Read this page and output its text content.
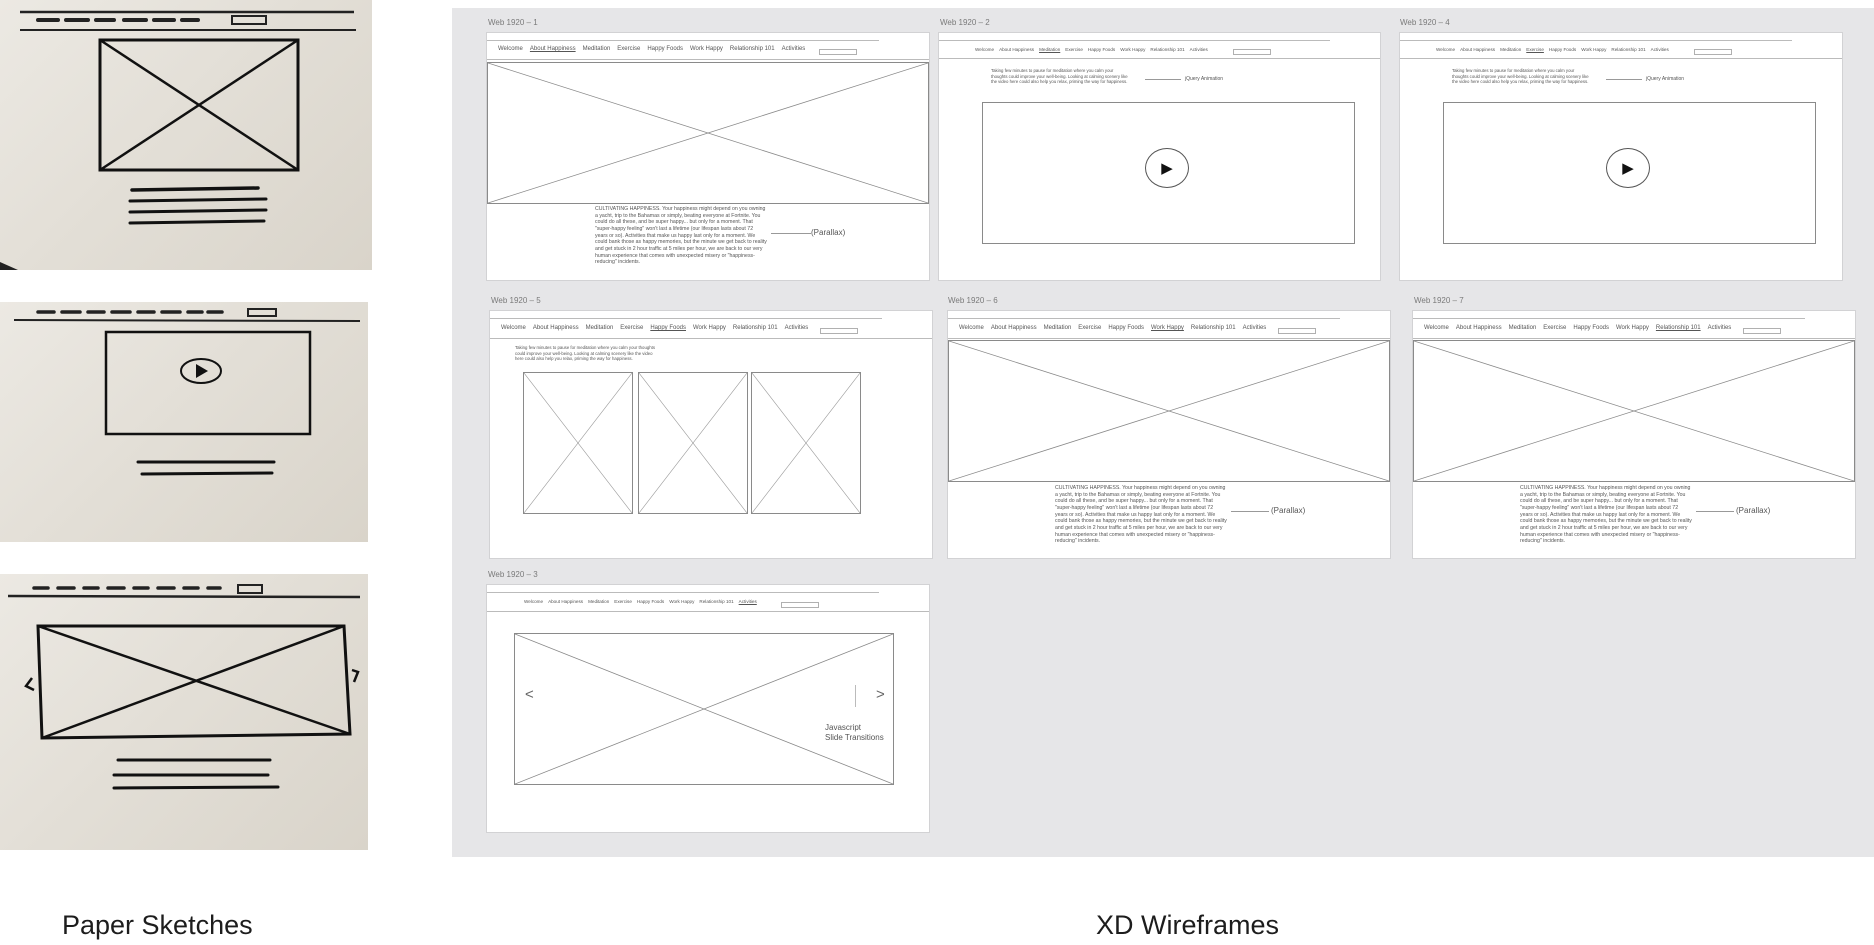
Paper Sketches	XD Wireframes
Web 1920 – 1
Welcome About Happiness Meditation Exercise Happy Foods Work Happy Relationship 101 Activities
CULTIVATING HAPPINESS. Your happiness might depend on you owning a yacht, trip to the Bahamas or simply, beating everyone at Fortnite. You could do all these, and be super happy... but only for a moment. That "super-happy feeling" won't last a lifetime (our lifespan lasts about 72 years or so). Activities that make us happy last only for a moment. We could bank those as happy memories, but the minute we get back to reality and get stuck in 2 hour traffic at 5 miles per hour, we are back to our very human experience that comes with unexpected misery or "happiness-reducing" incidents.
(Parallax)
Web 1920 – 2
Welcome About Happiness Meditation Exercise Happy Foods Work Happy Relationship 101 Activities
Taking few minutes to pause for meditation where you calm your thoughts could improve your well-being. Looking at calming scenery like the video here could also help you relax, priming the way for happiness.	jQuery Animation
▶
Web 1920 – 4
Welcome About Happiness Meditation Exercise Happy Foods Work Happy Relationship 101 Activities
Taking few minutes to pause for meditation where you calm your thoughts could improve your well-being. Looking at calming scenery like the video here could also help you relax, priming the way for happiness.	jQuery Animation
▶
Web 1920 – 5
Welcome About Happiness Meditation Exercise Happy Foods Work Happy Relationship 101 Activities
Taking few minutes to pause for meditation where you calm your thoughts could improve your well-being. Looking at calming scenery like the video here could also help you relax, priming the way for happiness.
Web 1920 – 6
Welcome About Happiness Meditation Exercise Happy Foods Work Happy Relationship 101 Activities
CULTIVATING HAPPINESS. Your happiness might depend on you owning a yacht, trip to the Bahamas or simply, beating everyone at Fortnite. You could do all these, and be super happy... but only for a moment. That "super-happy feeling" won't last a lifetime (our lifespan lasts about 72 years or so). Activities that make us happy last only for a moment. We could bank those as happy memories, but the minute we get back to reality and get stuck in 2 hour traffic at 5 miles per hour, we are back to our very human experience that comes with unexpected misery or "happiness-reducing" incidents.
(Parallax)
Web 1920 – 7
Welcome About Happiness Meditation Exercise Happy Foods Work Happy Relationship 101 Activities
CULTIVATING HAPPINESS. Your happiness might depend on you owning a yacht, trip to the Bahamas or simply, beating everyone at Fortnite. You could do all these, and be super happy... but only for a moment. That "super-happy feeling" won't last a lifetime (our lifespan lasts about 72 years or so). Activities that make us happy last only for a moment. We could bank those as happy memories, but the minute we get back to reality and get stuck in 2 hour traffic at 5 miles per hour, we are back to our very human experience that comes with unexpected misery or "happiness-reducing" incidents.
(Parallax)
Web 1920 – 3
Welcome About Happiness Meditation Exercise Happy Foods Work Happy Relationship 101 Activities
<	>
Javascript
Slide Transitions
